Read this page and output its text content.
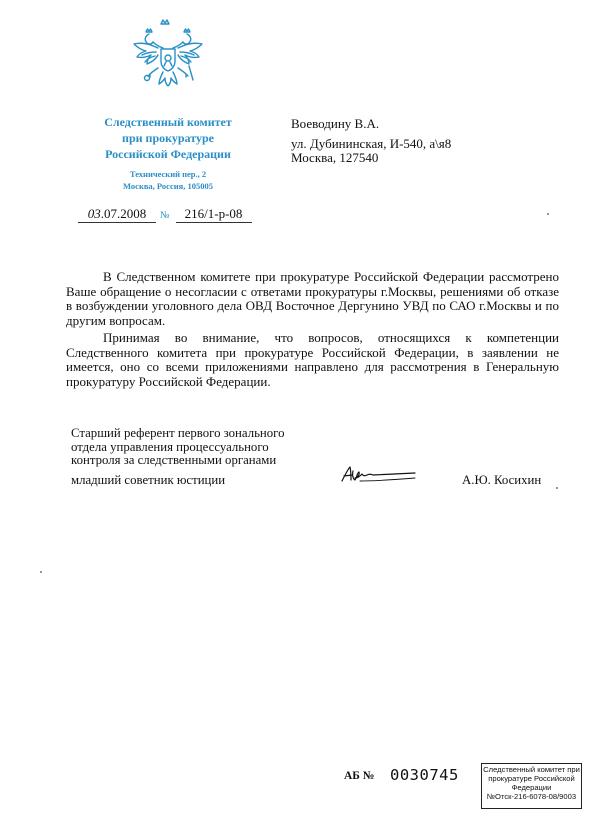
Следственный комитет
при прокуратуре
Российской Федерации
Технический пер., 2
Москва, Россия, 105005
Воеводину В.А.
ул. Дубининская, И-540, а\я8
Москва, 127540
03.07.2008 № 216/1-р-08

В Следственном комитете при прокуратуре Российской Федерации рассмотрено Ваше обращение о несогласии с ответами прокуратуры г.Москвы, решениями об отказе в возбуждении уголовного дела ОВД Восточное Дергунино УВД по САО г.Москвы и по другим вопросам.

Принимая во внимание, что вопросов, относящихся к компетенции Следственного комитета при прокуратуре Российской Федерации, в заявлении не имеется, оно со всеми приложениями направлено для рассмотрения в Генеральную прокуратуру Российской Федерации.

Старший референт первого зонального
отдела управления процессуального
контроля за следственными органами
младший советник юстиции	А.Ю. Косихин
АБ № 0030745	Следственный комитет при
прокуратуре Российской
Федерации
№Отск-216-6078-08/9003
